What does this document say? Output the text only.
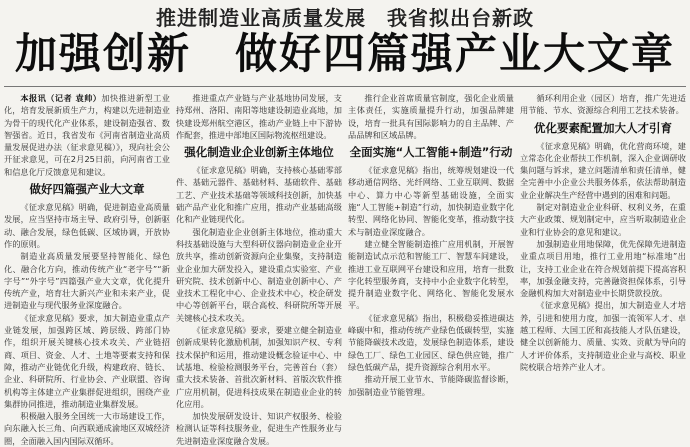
推进制造业高质量发展　我省拟出台新政
加强创新　做好四篇强产业大文章

本报讯（记者 袁帅）加快推进新型工业化，培育发展新质生产力，构建以先进制造业为骨干的现代化产业体系，建设制造强省、数智强省。近日，我省发布《河南省制造业高质量发展促进办法（征求意见稿）》，现向社会公开征求意见，可在2月25日前，向河南省工业和信息化厅反馈意见和建议。

做好四篇强产业大文章

《征求意见稿》明确，促进制造业高质量发展，应当坚持市场主导、政府引导，创新驱动、融合发展，绿色低碳、区域协调，开放协作的原则。

制造业高质量发展要坚持智能化、绿色化、融合化方向，推动传统产业“老字号”“新字号”“外字号”四篇强产业大文章，优化提升传统产业，培育壮大新兴产业和未来产业，促进制造业与现代服务业深度融合。

《征求意见稿》要求，加大制造业重点产业链发展，加强跨区域、跨层级、跨部门协作，组织开展关键核心技术攻关、产业链招商、项目、资金、人才、土地等要素支持和保障，推动产业链优化升级，构建政府、链长、企业、科研院所、行业协会、产业联盟、咨询机构等主体建立产业集群促进组织，围绕产业集群协同推进，推动制造业集群发展。

积极融入服务全国统一大市场建设工作，向东融入长三角、向西联通成渝地区双城经济圈，全面融入国内国际双循环。

推进重点产业链与产业基地协同发展，支持郑州、洛阳、南阳等地建设制造业高地，加快建设郑州航空港区，推动产业链上中下游协作配套，推进中部地区国际物流枢纽建设。

强化制造业企业创新主体地位

《征求意见稿》明确，支持核心基础零部件、基础元器件、基础材料、基础软件、基础工艺、产业技术基础等领域科技创新，加快基础产品产业化和推广应用，推动产业基础高级化和产业链现代化。

强化制造业企业创新主体地位，推动重大科技基础设施与大型科研仪器向制造业企业开放共享，推动创新资源向企业集聚，支持制造业企业加大研发投入，建设重点实验室、产业研究院、技术创新中心、制造业创新中心、产业技术工程化中心、企业技术中心，校企研发中心等创新平台，联合高校、科研院所等开展关键核心技术攻关。

《征求意见稿》要求，要建立健全制造业创新成果转化激励机制，加强知识产权、专利技术保护和运用，推动建设概念验证中心、中试基地、检验检测服务平台，完善首台（套）重大技术装备、首批次新材料、首版次软件推广应用机制，促进科技成果在制造业企业的转化应用。

加快发展研发设计、知识产权服务、检验检测认证等科技服务业，促进生产性服务业与先进制造业深度融合发展。

推行企业首席质量官制度，强化企业质量主体责任，实施质量提升行动，加强品牌建设，培育一批具有国际影响力的自主品牌、产品品牌和区域品牌。

全面实施“人工智能+制造”行动

《征求意见稿》指出，统筹规划建设一代移动通信网络、光纤网络、工业互联网、数据中心、算力中心等新型基础设施，全面实施“人工智能+制造”行动，加快制造业数字化转型、网络化协同、智能化变革，推动数字技术与制造业深度融合。

建立健全智能制造推广应用机制，开展智能制造试点示范和智能工厂、智慧车间建设，推进工业互联网平台建设和应用，培育一批数字化转型服务商，支持中小企业数字化转型，提升制造业数字化、网络化、智能化发展水平。

《征求意见稿》指出，积极稳妥推进碳达峰碳中和，推动传统产业绿色低碳转型，实施节能降碳技术改造，发展绿色制造体系，建设绿色工厂、绿色工业园区、绿色供应链，推广绿色低碳产品，提升资源综合利用水平。

推动开展工业节水、节能降碳监督诊断，加强制造业节能管理。

循环利用企业（园区）培育，推广先进适用节能、节水、资源综合利用工艺技术装备。

优化要素配置加大人才引育

《征求意见稿》明确，优化营商环境，建立常态化企业帮扶工作机制，深入企业调研收集问题与诉求，建立问题清单和责任清单，健全完善中小企业公共服务体系，依法帮助制造业企业解决生产经营中遇到的困难和问题。

制定对制造业企业科研、权利义务，在重大产业政策、规划制定中，应当听取制造业企业和行业协会的意见和建议。

加强制造业用地保障，优先保障先进制造业重点项目用地，推行工业用地“标准地”出让，支持工业企业在符合规划前提下提高容积率，加强金融支持，完善融资担保体系，引导金融机构加大对制造业中长期贷款投放。

《征求意见稿》提出，加大制造业人才培养，引进和使用力度，加强一流领军人才、卓越工程师、大国工匠和高技能人才队伍建设，健全以创新能力、质量、实效、贡献为导向的人才评价体系，支持制造业企业与高校、职业院校联合培养产业人才。
